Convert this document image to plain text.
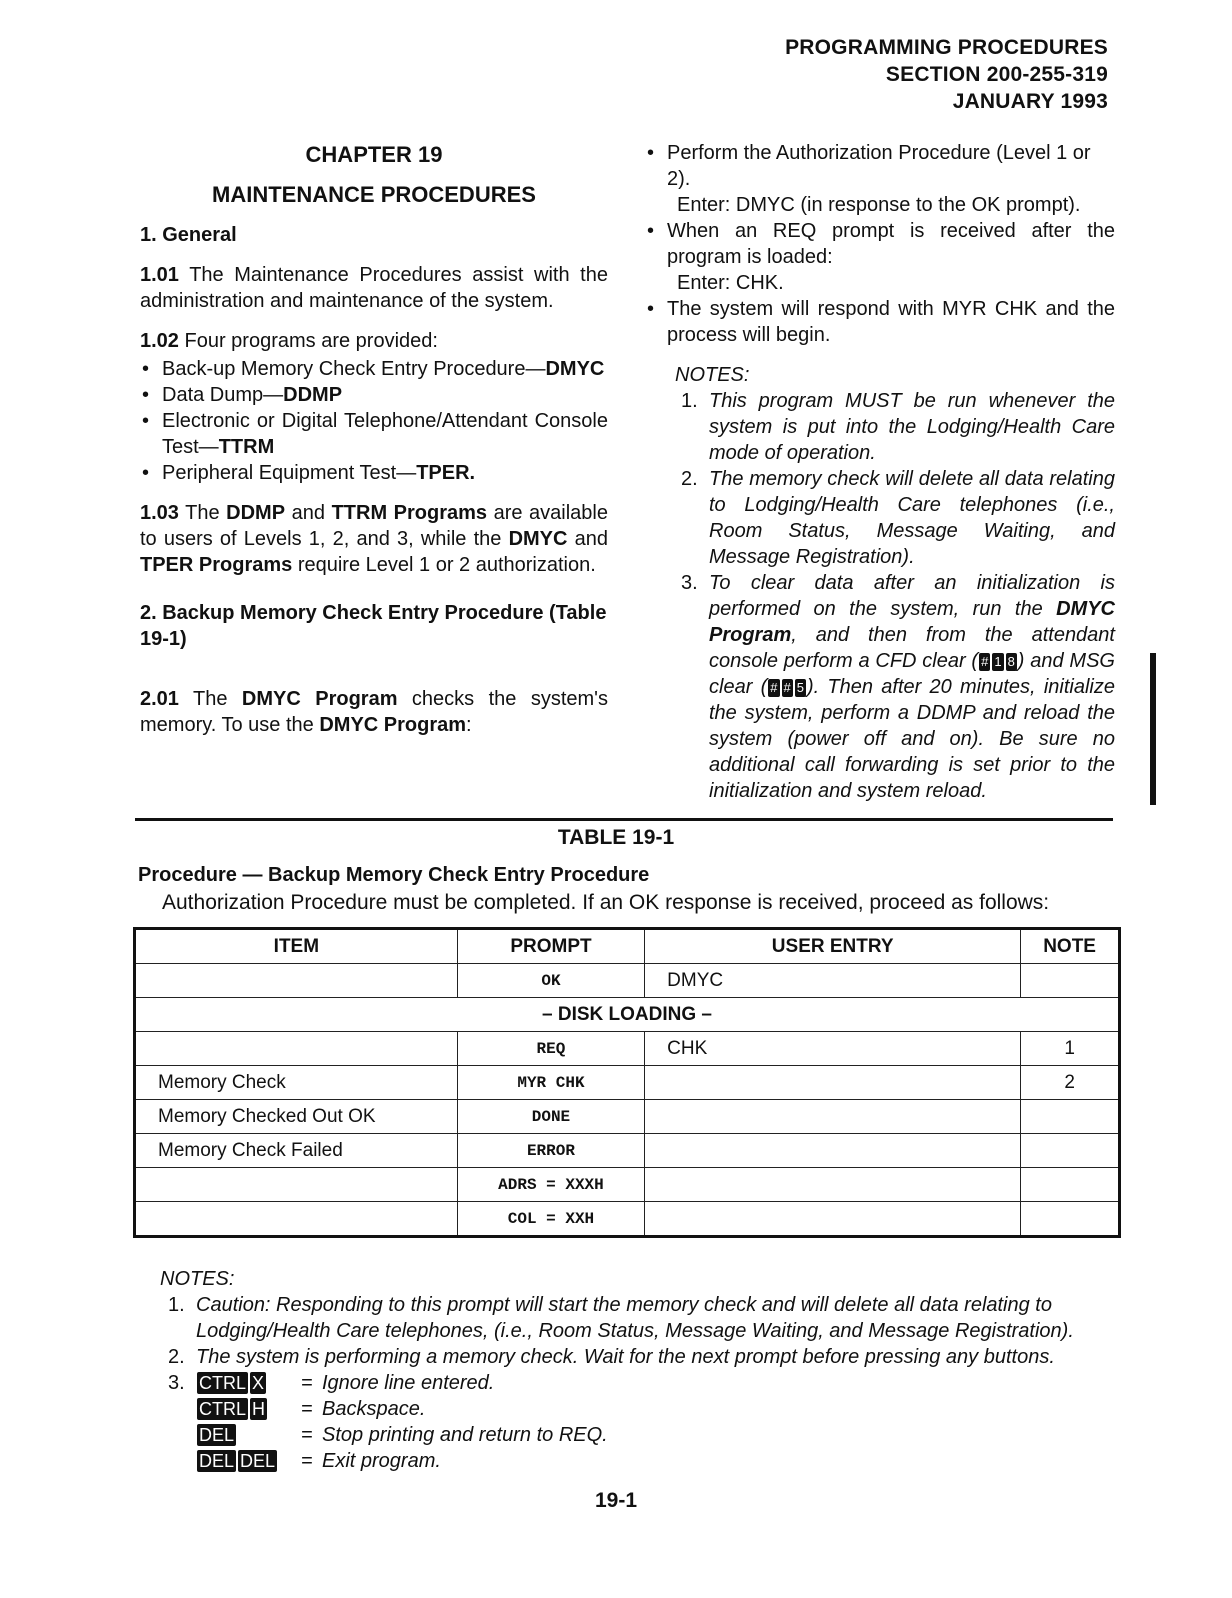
PROGRAMMING PROCEDURES
SECTION 200-255-319
JANUARY 1993
CHAPTER 19
MAINTENANCE PROCEDURES
1. General

1.01 The Maintenance Procedures assist with the administration and maintenance of the system.

1.02 Four programs are provided:

• Back-up Memory Check Entry Procedure—DMYC
• Data Dump—DDMP
• Electronic or Digital Telephone/Attendant Console Test—TTRM
• Peripheral Equipment Test—TPER.

1.03 The DDMP and TTRM Programs are available to users of Levels 1, 2, and 3, while the DMYC and TPER Programs require Level 1 or 2 authorization.

2. Backup Memory Check Entry Procedure (Table 19-1)

2.01 The DMYC Program checks the system's memory. To use the DMYC Program:

• Perform the Authorization Procedure (Level 1 or 2).
Enter: DMYC (in response to the OK prompt).
• When an REQ prompt is received after the program is loaded:
Enter: CHK.
• The system will respond with MYR CHK and the process will begin.
NOTES:
1. This program MUST be run whenever the system is put into the Lodging/Health Care mode of operation.
2. The memory check will delete all data relating to Lodging/Health Care telephones (i.e., Room Status, Message Waiting, and Message Registration).
3. To clear data after an initialization is performed on the system, run the DMYC Program, and then from the attendant console perform a CFD clear ( # 1 8 ) and MSG clear ( # # 5 ). Then after 20 minutes, initialize the system, perform a DDMP and reload the system (power off and on). Be sure no additional call forwarding is set prior to the initialization and system reload.
TABLE 19-1
Procedure — Backup Memory Check Entry Procedure
Authorization Procedure must be completed. If an OK response is received, proceed as follows:
ITEM	PROMPT	USER ENTRY	NOTE
	OK	DMYC	
– DISK LOADING –			
	REQ	CHK	1
Memory Check	MYR CHK		2
Memory Checked Out OK	DONE		
Memory Check Failed	ERROR		
	ADRS = XXXH		
	COL = XXH		
NOTES:
1. Caution: Responding to this prompt will start the memory check and will delete all data relating to Lodging/Health Care telephones, (i.e., Room Status, Message Waiting, and Message Registration).
2. The system is performing a memory check. Wait for the next prompt before pressing any buttons.
3. CTRL X	= Ignore line entered.
CTRL H	= Backspace.
DEL	= Stop printing and return to REQ.
DEL DEL	= Exit program.
19-1
